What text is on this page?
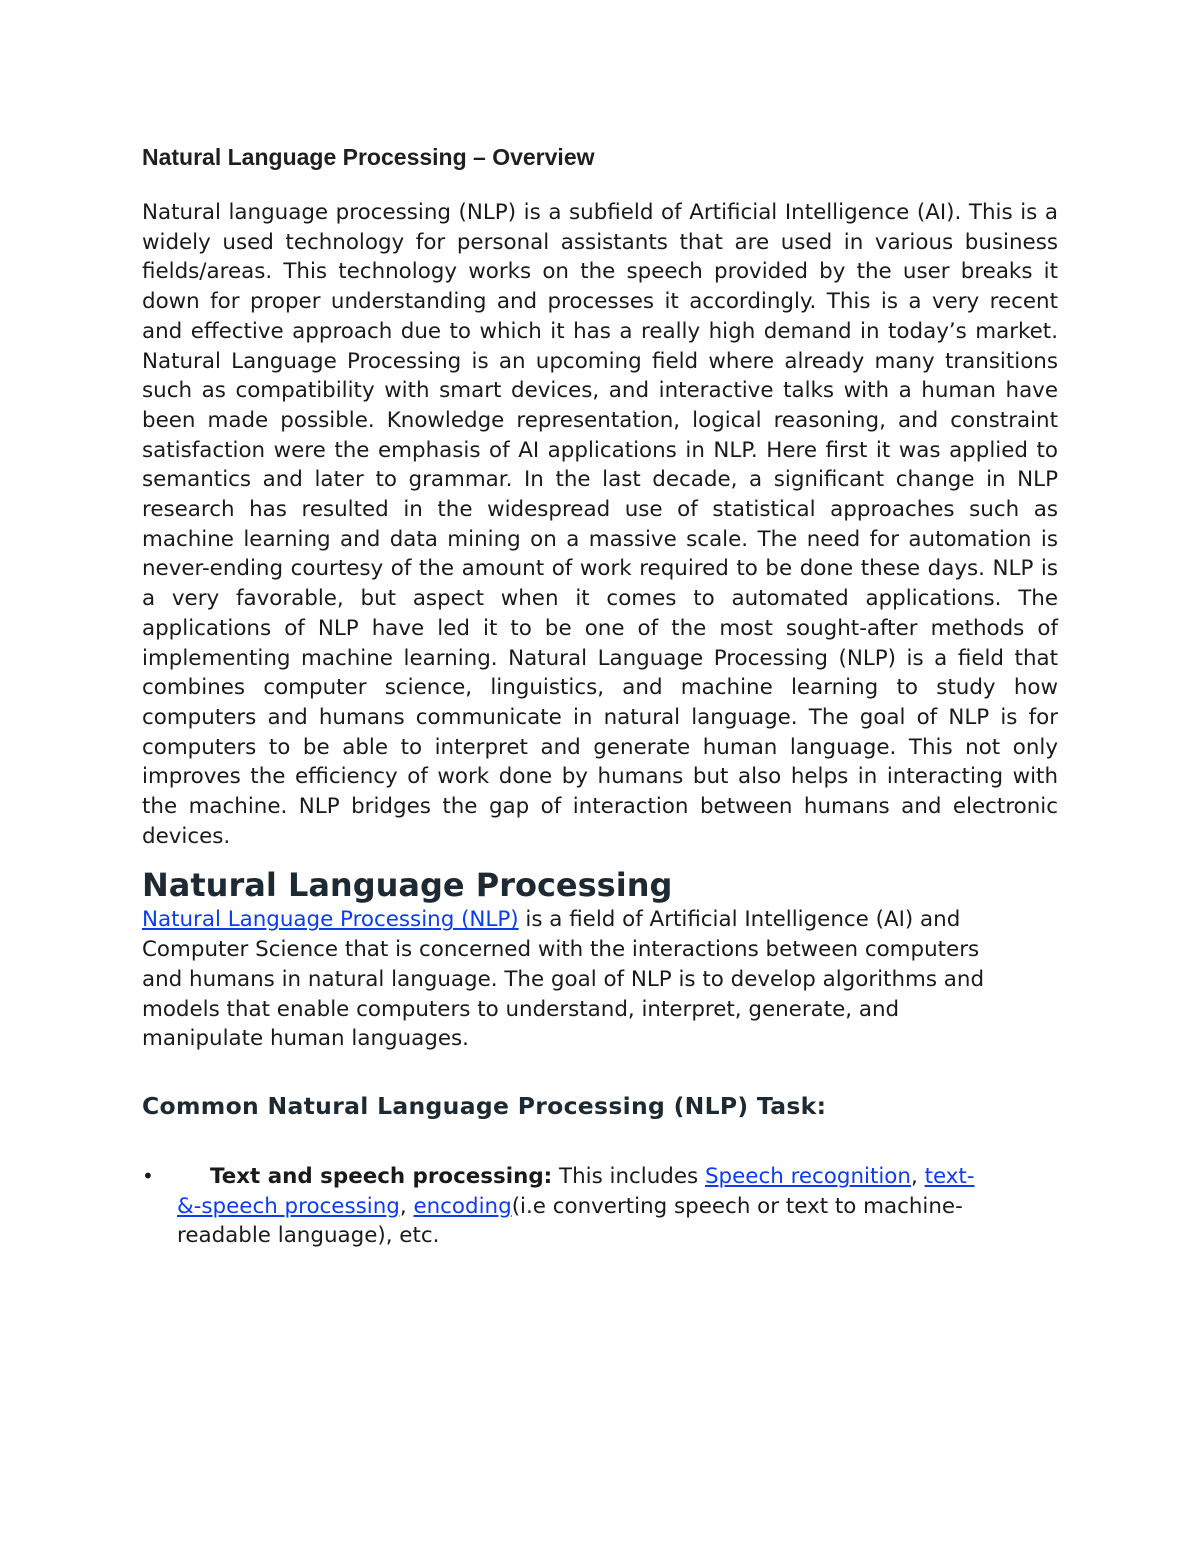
Natural Language Processing – Overview

Natural language processing (NLP) is a subfield of Artificial Intelligence (AI). This is a widely used technology for personal assistants that are used in various business fields/areas. This technology works on the speech provided by the user breaks it down for proper understanding and processes it accordingly. This is a very recent and effective approach due to which it has a really high demand in today’s market. Natural Language Processing is an upcoming field where already many transitions such as compatibility with smart devices, and interactive talks with a human have been made possible. Knowledge representation, logical reasoning, and constraint satisfaction were the emphasis of AI applications in NLP. Here first it was applied to semantics and later to grammar. In the last decade, a significant change in NLP research has resulted in the widespread use of statistical approaches such as machine learning and data mining on a massive scale. The need for automation is never-ending courtesy of the amount of work required to be done these days. NLP is a very favorable, but aspect when it comes to automated applications. The applications of NLP have led it to be one of the most sought-after methods of implementing machine learning. Natural Language Processing (NLP) is a field that combines computer science, linguistics, and machine learning to study how computers and humans communicate in natural language. The goal of NLP is for computers to be able to interpret and generate human language. This not only improves the efficiency of work done by humans but also helps in interacting with the machine. NLP bridges the gap of interaction between humans and electronic devices.

Natural Language Processing

Natural Language Processing (NLP) is a field of Artificial Intelligence (AI) and Computer Science that is concerned with the interactions between computers and humans in natural language. The goal of NLP is to develop algorithms and models that enable computers to understand, interpret, generate, and manipulate human languages.

Common Natural Language Processing (NLP) Task:
•	Text and speech processing: This includes Speech recognition, text-&-speech processing, encoding(i.e converting speech or text to machine-readable language), etc.
